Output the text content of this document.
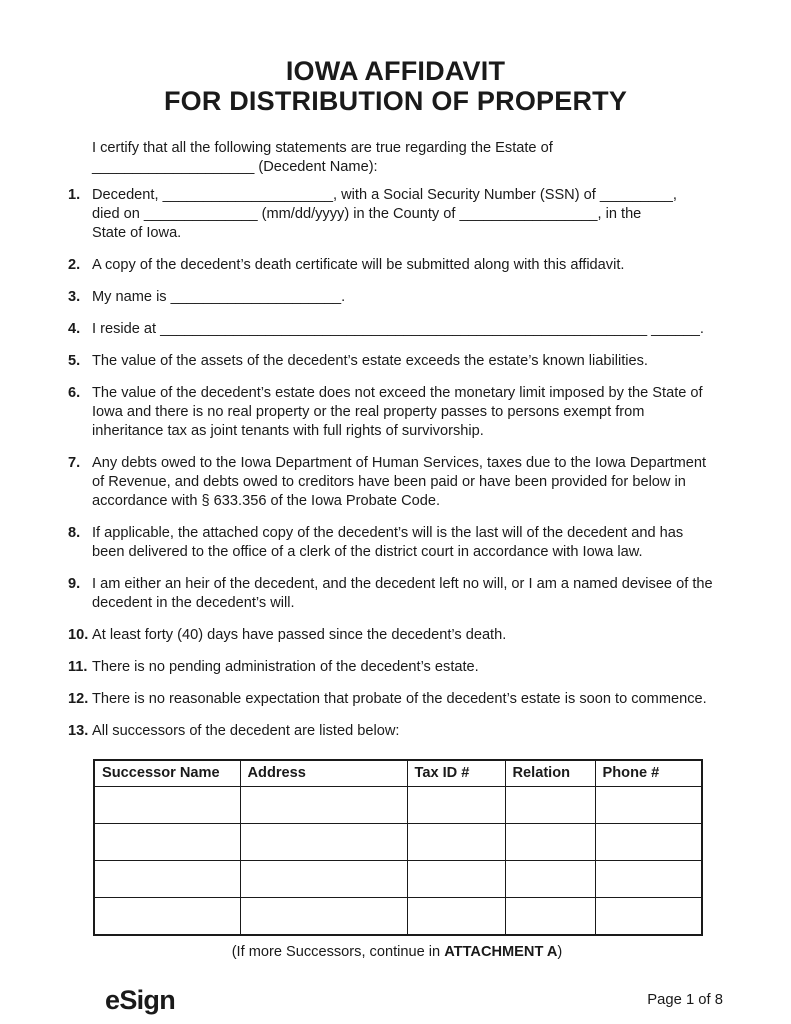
IOWA AFFIDAVIT
FOR DISTRIBUTION OF PROPERTY
I certify that all the following statements are true regarding the Estate of
____________________ (Decedent Name):
1. Decedent, _____________________, with a Social Security Number (SSN) of _________,
died on ______________ (mm/dd/yyyy) in the County of _________________, in the
State of Iowa.
2. A copy of the decedent’s death certificate will be submitted along with this affidavit.
3. My name is _____________________.
4. I reside at ____________________________________________________________ ______.
5. The value of the assets of the decedent’s estate exceeds the estate’s known liabilities.
6. The value of the decedent’s estate does not exceed the monetary limit imposed by the State of
Iowa and there is no real property or the real property passes to persons exempt from
inheritance tax as joint tenants with full rights of survivorship.
7. Any debts owed to the Iowa Department of Human Services, taxes due to the Iowa Department
of Revenue, and debts owed to creditors have been paid or have been provided for below in
accordance with § 633.356 of the Iowa Probate Code.
8. If applicable, the attached copy of the decedent’s will is the last will of the decedent and has
been delivered to the office of a clerk of the district court in accordance with Iowa law.
9. I am either an heir of the decedent, and the decedent left no will, or I am a named devisee of the
decedent in the decedent’s will.
10. At least forty (40) days have passed since the decedent’s death.
11. There is no pending administration of the decedent’s estate.
12. There is no reasonable expectation that probate of the decedent’s estate is soon to commence.
13. All successors of the decedent are listed below:
Successor Name	Address	Tax ID #	Relation	Phone #

(If more Successors, continue in ATTACHMENT A)
eSign	Page 1 of 8
